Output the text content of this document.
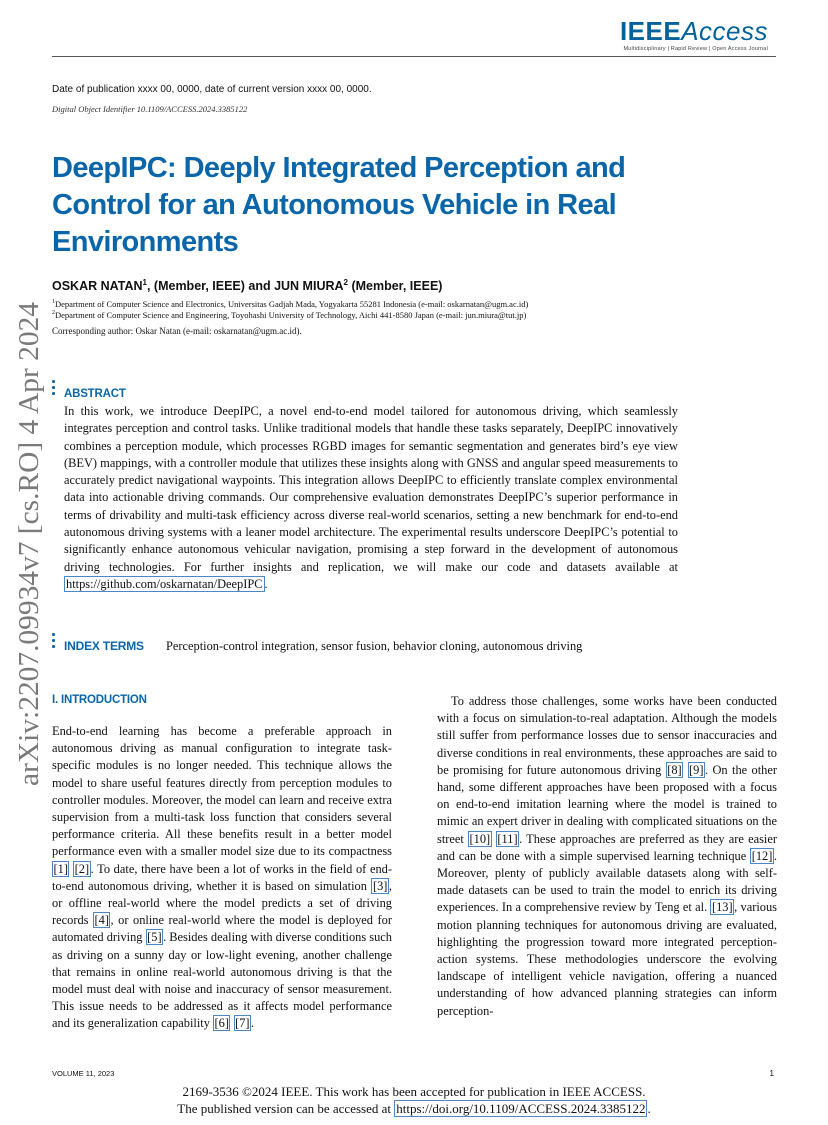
IEEEAccess
Multidisciplinary | Rapid Review | Open Access Journal
Date of publication xxxx 00, 0000, date of current version xxxx 00, 0000.
Digital Object Identifier 10.1109/ACCESS.2024.3385122
arXiv:2207.09934v7 [cs.RO] 4 Apr 2024
DeepIPC: Deeply Integrated Perception and
Control for an Autonomous Vehicle in Real
Environments
OSKAR NATAN$^1$, (Member, IEEE) and JUN MIURA$^2$ (Member, IEEE)
$^1$Department of Computer Science and Electronics, Universitas Gadjah Mada, Yogyakarta 55281 Indonesia (e-mail: oskarnatan@ugm.ac.id)
$^2$Department of Computer Science and Engineering, Toyohashi University of Technology, Aichi 441-8580 Japan (e-mail: jun.miura@tut.jp)
Corresponding author: Oskar Natan (e-mail: oskarnatan@ugm.ac.id).
ABSTRACT
In this work, we introduce DeepIPC, a novel end-to-end model tailored for autonomous driving, which seamlessly integrates perception and control tasks. Unlike traditional models that handle these tasks separately, DeepIPC innovatively combines a perception module, which processes RGBD images for semantic segmentation and generates bird’s eye view (BEV) mappings, with a controller module that utilizes these insights along with GNSS and angular speed measurements to accurately predict navigational waypoints. This integration allows DeepIPC to efficiently translate complex environmental data into actionable driving commands. Our comprehensive evaluation demonstrates DeepIPC’s superior performance in terms of drivability and multi-task efficiency across diverse real-world scenarios, setting a new benchmark for end-to-end autonomous driving systems with a leaner model architecture. The experimental results underscore DeepIPC’s potential to significantly enhance autonomous vehicular navigation, promising a step forward in the development of autonomous driving technologies. For further insights and replication, we will make our code and datasets available at https://github.com/oskarnatan/DeepIPC .
INDEX TERMS Perception-control integration, sensor fusion, behavior cloning, autonomous driving
I. INTRODUCTION
End-to-end learning has become a preferable approach in autonomous driving as manual configuration to integrate task-specific modules is no longer needed. This technique allows the model to share useful features directly from perception modules to controller modules. Moreover, the model can learn and receive extra supervision from a multi-task loss function that considers several performance criteria. All these benefits result in a better model performance even with a smaller model size due to its compactness [1] [2] . To date, there have been a lot of works in the field of end-to-end autonomous driving, whether it is based on simulation [3] , or offline real-world where the model predicts a set of driving records [4] , or online real-world where the model is deployed for automated driving [5] . Besides dealing with diverse conditions such as driving on a sunny day or low-light evening, another challenge that remains in online real-world autonomous driving is that the model must deal with noise and inaccuracy of sensor measurement. This issue needs to be addressed as it affects model performance and its generalization capability [6] [7] .
To address those challenges, some works have been conducted with a focus on simulation-to-real adaptation. Although the models still suffer from performance losses due to sensor inaccuracies and diverse conditions in real environments, these approaches are said to be promising for future autonomous driving [8] [9] . On the other hand, some different approaches have been proposed with a focus on end-to-end imitation learning where the model is trained to mimic an expert driver in dealing with complicated situations on the street [10] [11] . These approaches are preferred as they are easier and can be done with a simple supervised learning technique [12] . Moreover, plenty of publicly available datasets along with self-made datasets can be used to train the model to enrich its driving experiences. In a comprehensive review by Teng et al. [13] , various motion planning techniques for autonomous driving are evaluated, highlighting the progression toward more integrated perception-action systems. These methodologies underscore the evolving landscape of intelligent vehicle navigation, offering a nuanced understanding of how advanced planning strategies can inform perception-
VOLUME 11, 2023	1
2169-3536 ©2024 IEEE. This work has been accepted for publication in IEEE ACCESS.
The published version can be accessed at https://doi.org/10.1109/ACCESS.2024.3385122 .
